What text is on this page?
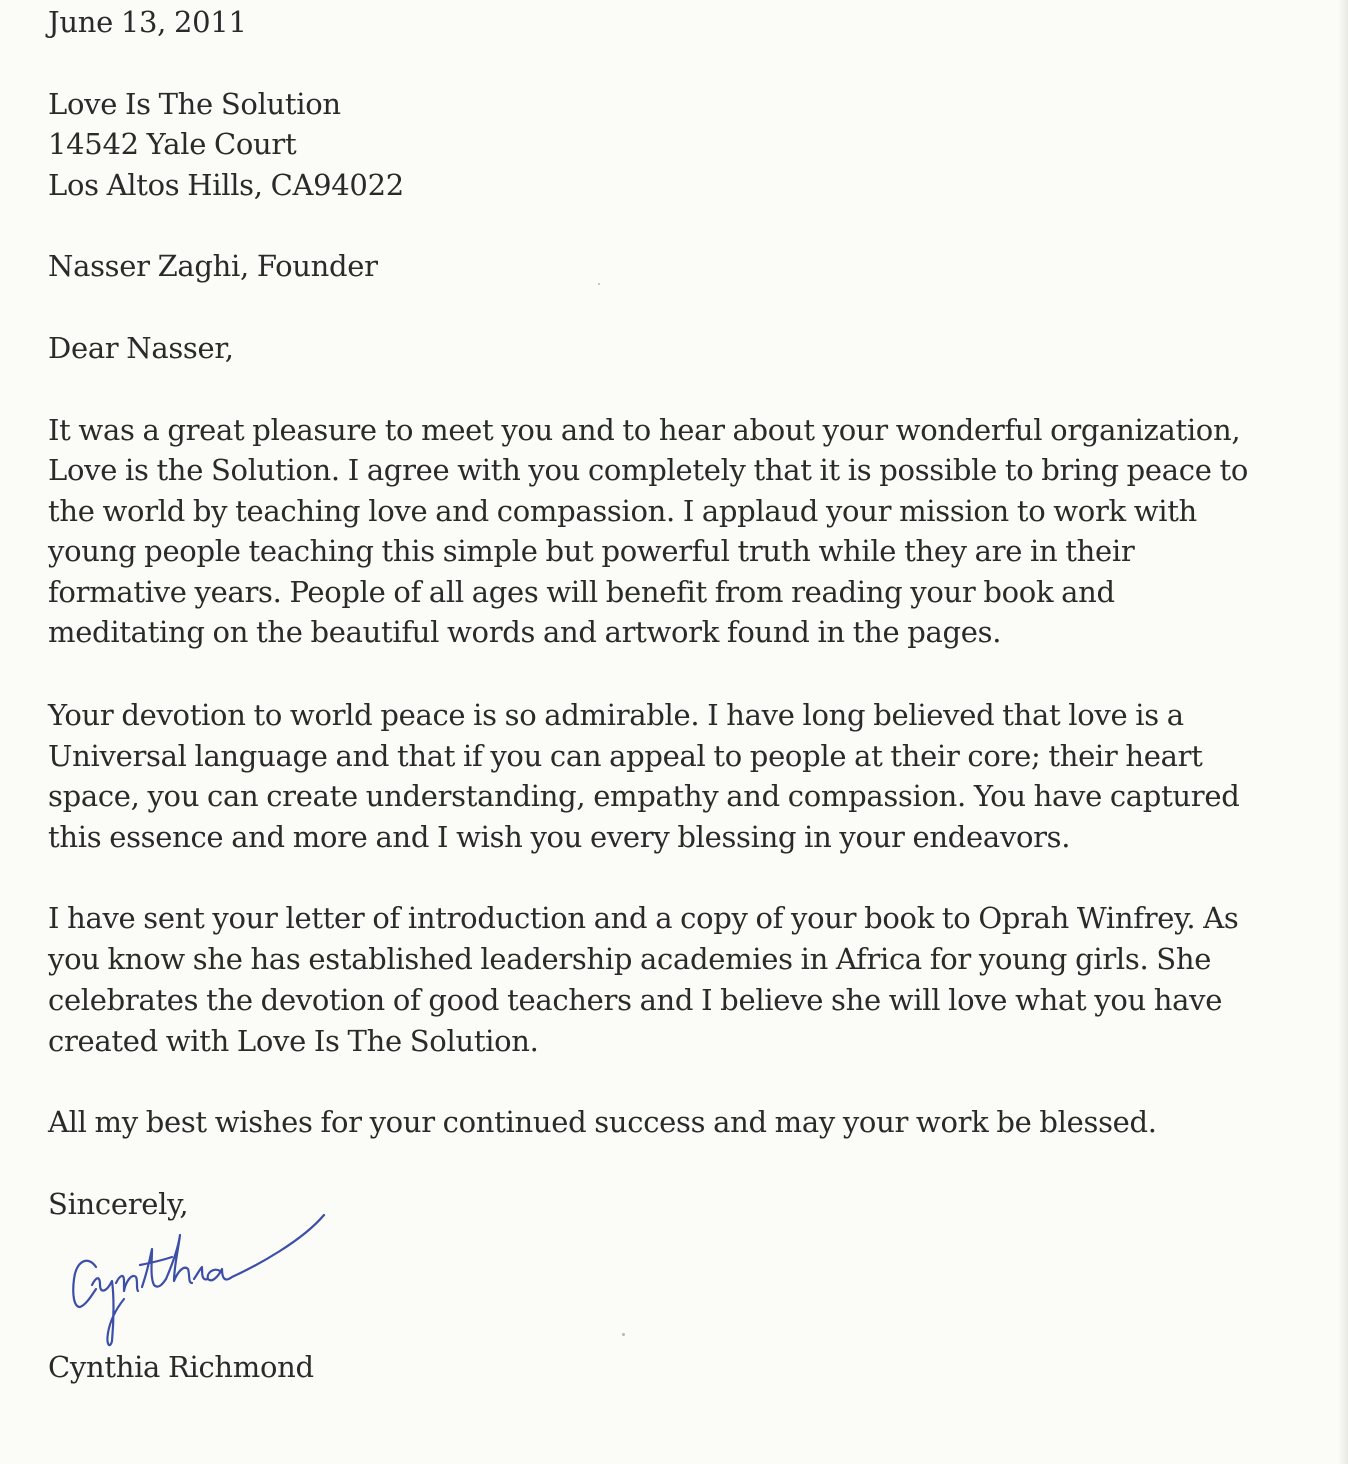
June 13, 2011
Love Is The Solution
14542 Yale Court
Los Altos Hills, CA94022
Nasser Zaghi, Founder
Dear Nasser,
It was a great pleasure to meet you and to hear about your wonderful organization,
Love is the Solution. I agree with you completely that it is possible to bring peace to
the world by teaching love and compassion. I applaud your mission to work with
young people teaching this simple but powerful truth while they are in their
formative years. People of all ages will benefit from reading your book and
meditating on the beautiful words and artwork found in the pages.
Your devotion to world peace is so admirable. I have long believed that love is a
Universal language and that if you can appeal to people at their core; their heart
space, you can create understanding, empathy and compassion. You have captured
this essence and more and I wish you every blessing in your endeavors.
I have sent your letter of introduction and a copy of your book to Oprah Winfrey. As
you know she has established leadership academies in Africa for young girls. She
celebrates the devotion of good teachers and I believe she will love what you have
created with Love Is The Solution.
All my best wishes for your continued success and may your work be blessed.
Sincerely,
Cynthia Richmond
